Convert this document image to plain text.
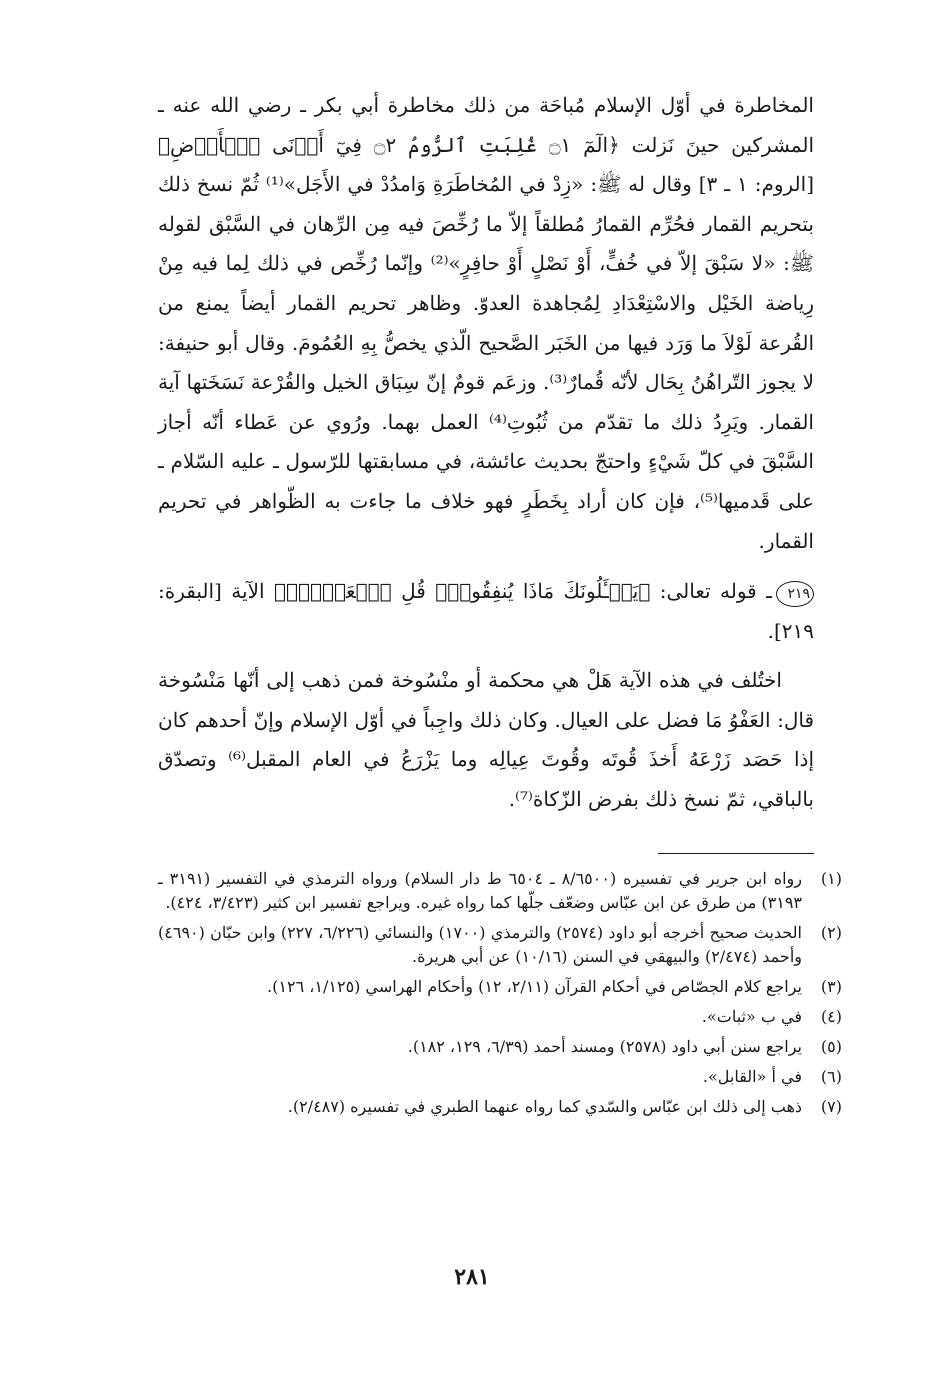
المخاطرة في أوّل الإسلام مُباحَة من ذلك مخاطرة أبي بكر ـ رضي الله عنه ـ المشركين حينَ نَزلت ﴿الٓمٓ ۝١ غُلِبَتِ ٱلرُّومُ ۝٢ فِيٓ أَدۡنَى ٱلۡأَرۡضِ﴾ [الروم: ١ ـ ٣] وقال له ﷺ: «زِدْ في المُخاطَرَةِ وَامدُدْ في الأَجَل»⁽¹⁾ ثُمّ نسخ ذلك بتحريم القمار فحُرِّم القمارُ مُطلقاً إلاّ ما رُخِّصَ فيه مِن الرِّهان في السَّبْق لقوله ﷺ: «لا سَبْقَ إلاّ في خُفٍّ، أَوْ نَصْلٍ أَوْ حافِرٍ»⁽²⁾ وإنّما رُخِّص في ذلك لِما فيه مِنْ رِياضة الخَيْل والاسْتِعْدَادِ لِمُجاهدة العدوّ. وظاهر تحريم القمار أيضاً يمنع من القُرعة لَوْلاَ ما وَرَد فيها من الخَبَر الصَّحيح الّذي يخصُّ بِهِ العُمُومَ. وقال أبو حنيفة: لا يجوز التّراهُنُ بِحَال لأنّه قُمارٌ⁽³⁾. وزعَم قومٌ إنّ سِبَاق الخيل والقُرْعة نَسَخَتها آية القمار. ويَرِدُ ذلك ما تقدّم من ثُبُوتِ⁽⁴⁾ العمل بهما. ورُوي عن عَطاء أنّه أجاز السَّبْقَ في كلّ شَيْءٍ واحتجّ بحديث عائشة، في مسابقتها للرّسول ـ عليه السّلام ـ على قَدميها⁽⁵⁾، فإن كان أراد بِخَطَرٍ فهو خلاف ما جاءت به الظّواهر في تحريم القمار.

٢١٩ـ قوله تعالى: ﴿يَسۡـَٔلُونَكَ مَاذَا يُنفِقُونَۖ قُلِ ٱلۡعَفۡوَۗ﴾ الآية [البقرة: ٢١٩].

اختُلف في هذه الآية هَلْ هي محكمة أو منْسُوخة فمن ذهب إلى أنّها مَنْسُوخة قال: العَفْوُ مَا فضل على العيال. وكان ذلك واجِباً في أوّل الإسلام وإنّ أحدهم كان إذا حَصَد زَرْعَهُ أَخذَ قُوتَه وقُوتَ عِيالِه وما يَزْرَعُ في العام المقبل⁽⁶⁾ وتصدّق بالباقي، ثمّ نسخ ذلك بفرض الزّكاة⁽⁷⁾.

(١)
رواه ابن جرير في تفسيره (٨/٦٥٠٠ ـ ٦٥٠٤ ط دار السلام) ورواه الترمذي في التفسير (٣١٩١ ـ ٣١٩٣) من طرق عن ابن عبّاس وضعّف جلّها كما رواه غيره. ويراجع تفسير ابن كثير (٣/٤٢٣، ٤٢٤).
(٢)
الحديث صحيح أخرجه أبو داود (٢٥٧٤) والترمذي (١٧٠٠) والنسائي (٦/٢٢٦، ٢٢٧) وابن حبّان (٤٦٩٠) وأحمد (٢/٤٧٤) والبيهقي في السنن (١٠/١٦) عن أبي هريرة.
(٣)
يراجع كلام الجصّاص في أحكام القرآن (٢/١١، ١٢) وأحكام الهراسي (١/١٢٥، ١٢٦).
(٤)
في ب «ثبات».
(٥)
يراجع سنن أبي داود (٢٥٧٨) ومسند أحمد (٦/٣٩، ١٢٩، ١٨٢).
(٦)
في أ «القابل».
(٧)
ذهب إلى ذلك ابن عبّاس والسّدي كما رواه عنهما الطبري في تفسيره (٢/٤٨٧).
٢٨١
